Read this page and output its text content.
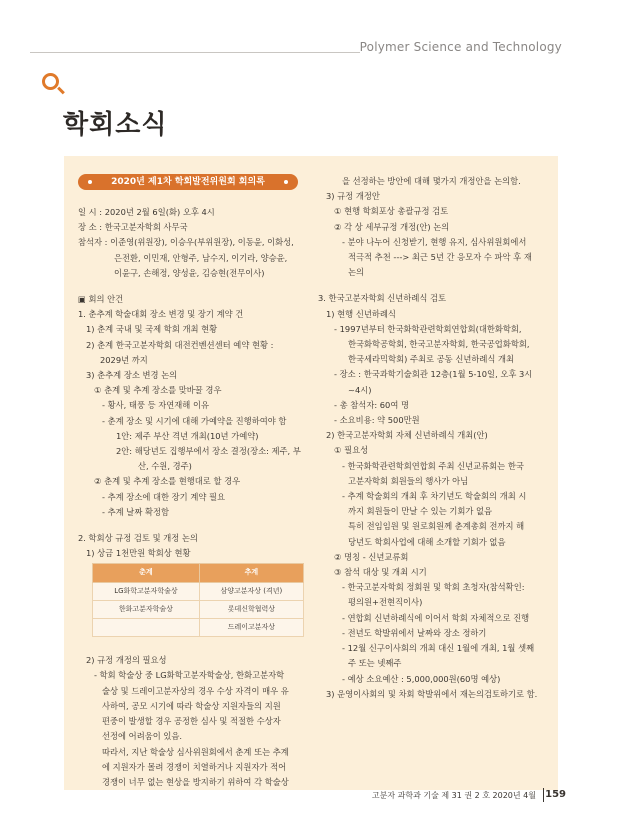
Polymer Science and Technology
학회소식
2020년 제1차 학회발전위원회 회의록

일 시 : 2020년 2월 6일(화) 오후 4시

장 소 : 한국고분자학회 사무국

참석자 : 이준영(위원장), 이승우(부위원장), 이동윤, 이화성,

은전환, 이민재, 안형주, 남수지, 이기라, 양승윤,

이윤구, 손해정, 양성윤, 김승현(전무이사)

▣ 회의 안건

1. 춘추계 학술대회 장소 변경 및 장기 계약 건

1) 춘계 국내 및 국제 학회 개최 현황

2) 춘계 한국고분자학회 대전컨벤션센터 예약 현황 :

2029년 까지

3) 춘추계 장소 변경 논의

① 춘계 및 추계 장소를 맞바꿀 경우

- 황사, 태풍 등 자연재해 이유

- 춘계 장소 및 시기에 대해 가예약을 진행하여야 함

1안: 제주 부산 격년 개최(10년 가예약)

2안: 해당년도 집행부에서 장소 결정(장소: 제주, 부

산, 수원, 경주)

② 춘계 및 추계 장소를 현행대로 할 경우

- 추계 장소에 대한 장기 계약 필요

- 추계 날짜 확정함

2. 학회상 규정 검토 및 개정 논의

1) 상금 1천만원 학회상 현황

춘계	추계
LG화학고분자학술상	삼양고분자상 (격년)
한화고분자학술상	롯데신학협력상
	드레이고분자상

2) 규정 개정의 필요성

- 학회 학술상 중 LG화학고분자학술상, 한화고분자학

술상 및 드레이고분자상의 경우 수상 자격이 매우 유

사하여, 공모 시기에 따라 학술상 지원자들의 지원

편중이 발생할 경우 공정한 심사 및 적절한 수상자

선정에 어려움이 있음.

따라서, 지난 학술상 심사위원회에서 춘계 또는 추계

에 지원자가 몰려 경쟁이 치열하거나 지원자가 적어

경쟁이 너무 없는 현상을 방지하기 위하여 각 학술상

을 선정하는 방안에 대해 몇가지 개정안을 논의함.

3) 규정 개정안

① 현행 학회포상 총괄규정 검토

② 각 상 세부규정 개정(안) 논의

- 분야 나누어 신청받기, 현행 유지, 심사위원회에서

적극적 추천 ---> 최근 5년 간 응모자 수 파악 후 재

논의

3. 한국고분자학회 신년하례식 검토

1) 현행 신년하례식

- 1997년부터 한국화학관련학회연합회(대한화학회,

한국화학공학회, 한국고분자학회, 한국공업화학회,

한국세라믹학회) 주최로 공동 신년하례식 개최

- 장소 : 한국과학기술회관 12층(1월 5-10일, 오후 3시

~4시)

- 총 참석자: 60여 명

- 소요비용: 약 500만원

2) 한국고분자학회 자체 신년하례식 개최(안)

① 필요성

- 한국화학관련학회연합회 주최 신년교류회는 한국

고분자학회 회원들의 행사가 아님

- 추계 학술회의 개최 후 차기년도 학술회의 개최 시

까지 회원들이 만날 수 있는 기회가 없음

특히 전임임원 및 원로회원께 춘계총회 전까지 해

당년도 학회사업에 대해 소개할 기회가 없음

② 명칭 - 신년교류회

③ 참석 대상 및 개최 시기

- 한국고분자학회 정회원 및 학회 초청자(참석확인:

평의원+전현직이사)

- 연합회 신년하례식에 이어서 학회 자체적으로 진행

- 전년도 학발위에서 날짜와 장소 정하기

- 12월 신구이사회의 개최 대신 1월에 개최, 1월 셋째

주 또는 넷째주

- 예상 소요예산 : 5,000,000원(60명 예상)

3) 운영이사회의 및 차회 학발위에서 재논의검토하기로 함.

고분자 과학과 기술 제 31 권 2 호 2020년 4월 159
